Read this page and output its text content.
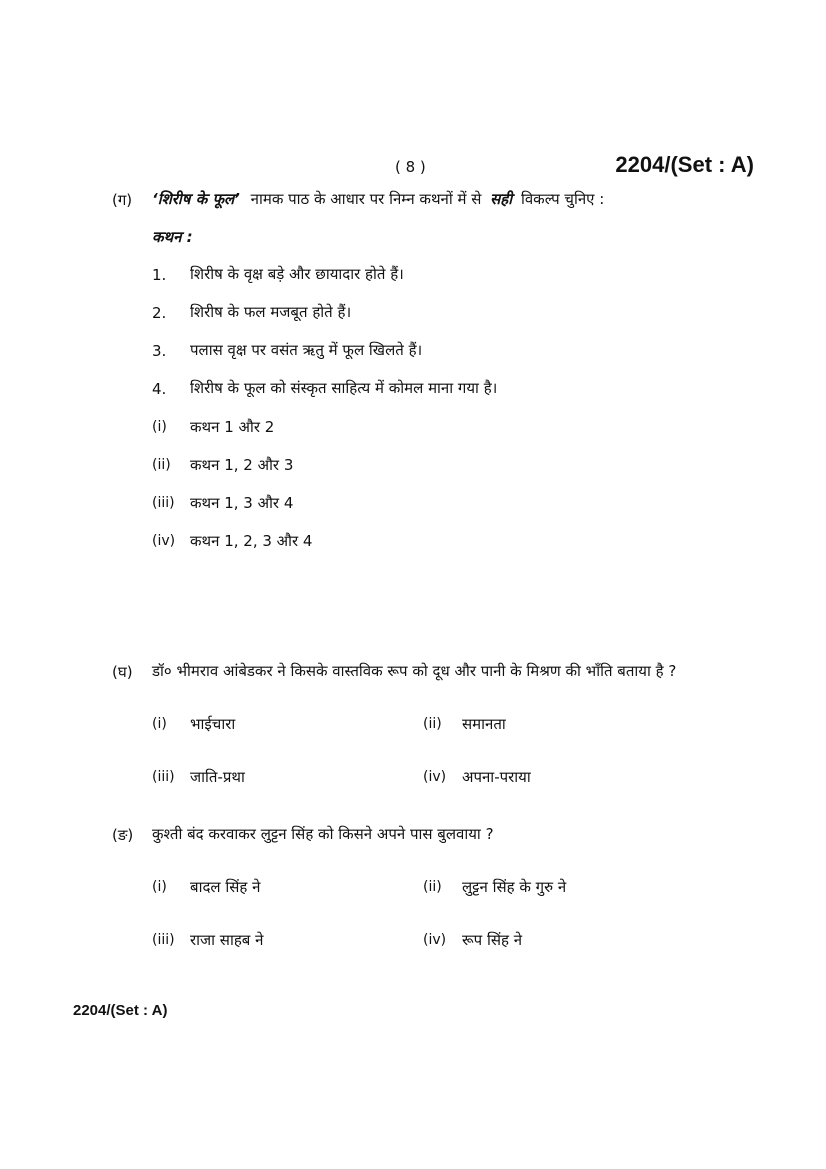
( 8 )	2204/(Set : A)
(ग) ‘शिरीष के फूल’ नामक पाठ के आधार पर निम्न कथनों में से सही विकल्प चुनिए :
कथन :
1. शिरीष के वृक्ष बड़े और छायादार होते हैं।
2. शिरीष के फल मजबूत होते हैं।
3. पलास वृक्ष पर वसंत ऋतु में फूल खिलते हैं।
4. शिरीष के फूल को संस्कृत साहित्य में कोमल माना गया है।
(i) कथन 1 और 2
(ii) कथन 1, 2 और 3
(iii) कथन 1, 3 और 4
(iv) कथन 1, 2, 3 और 4
(घ) डॉ० भीमराव आंबेडकर ने किसके वास्तविक रूप को दूध और पानी के मिश्रण की भाँति बताया है ?
(i) भाईचारा	(ii) समानता
(iii) जाति-प्रथा	(iv) अपना-पराया
(ङ) कुश्ती बंद करवाकर लुट्टन सिंह को किसने अपने पास बुलवाया ?
(i) बादल सिंह ने	(ii) लुट्टन सिंह के गुरु ने
(iii) राजा साहब ने	(iv) रूप सिंह ने
2204/(Set : A)
